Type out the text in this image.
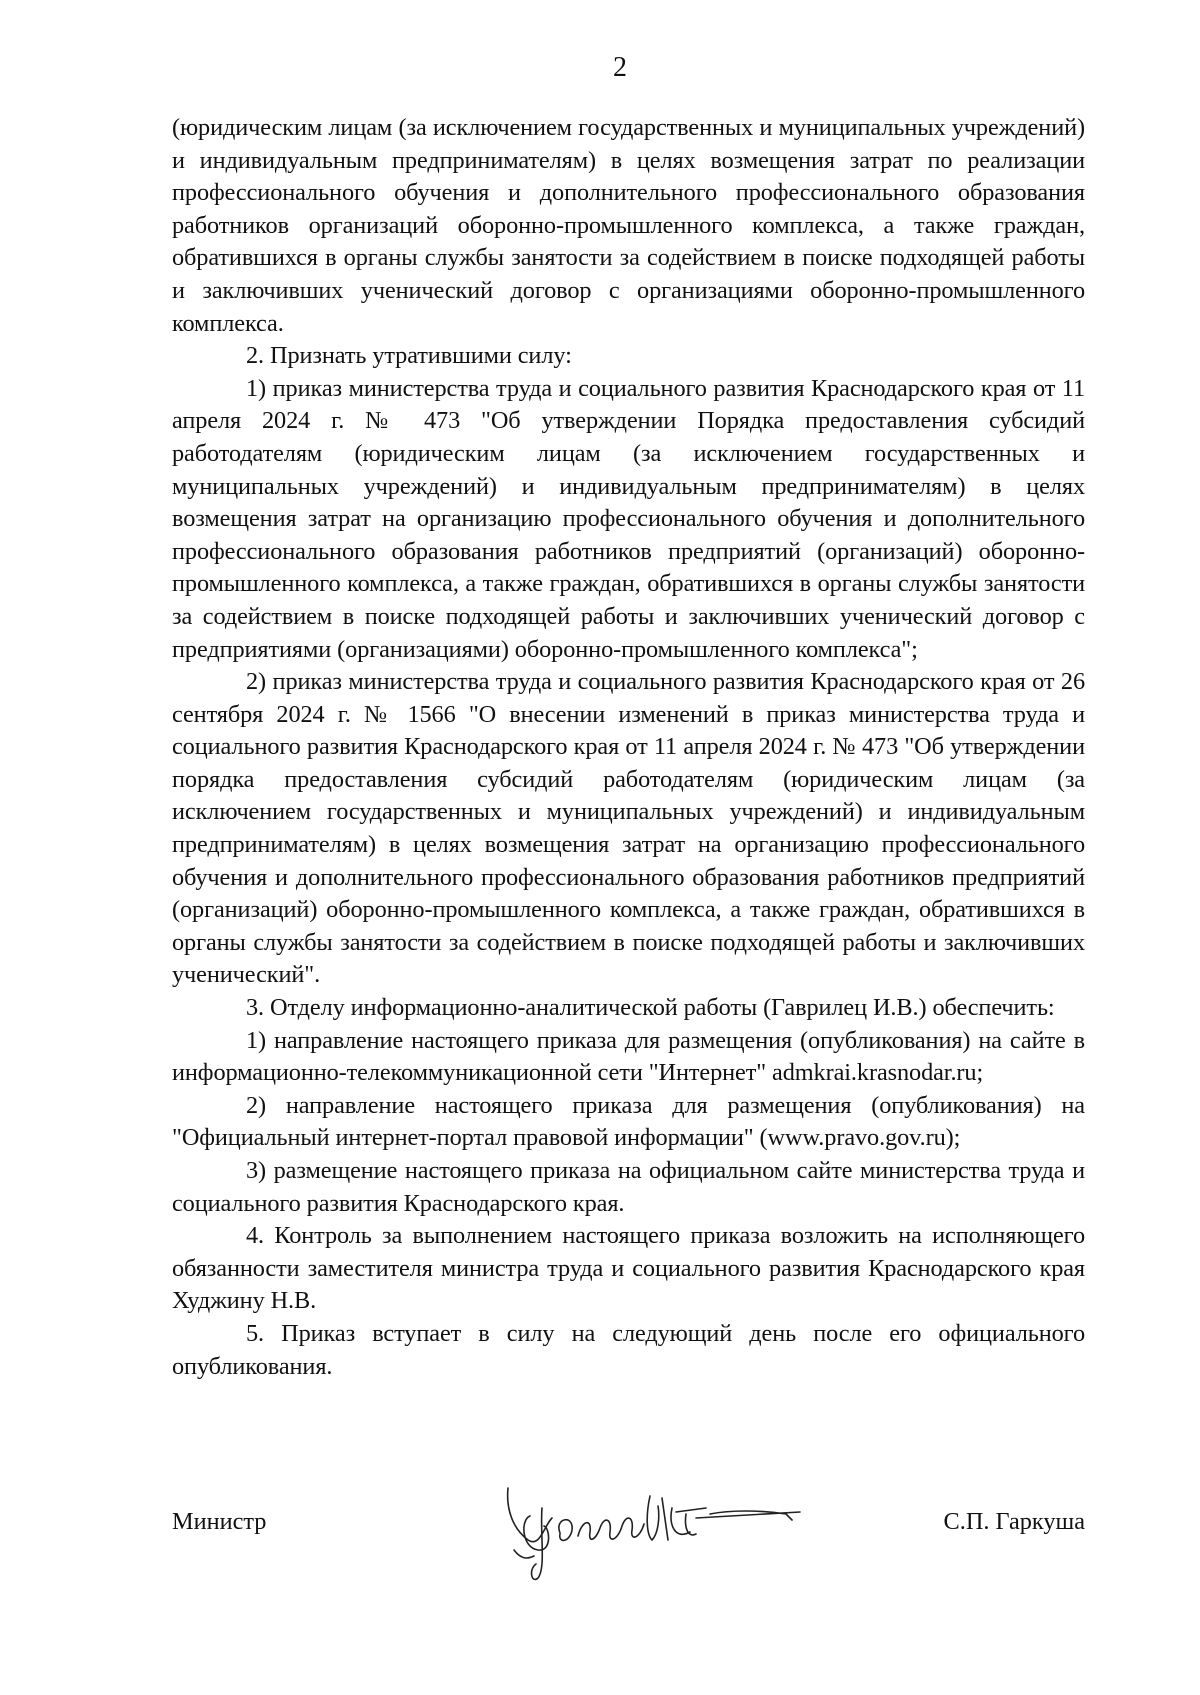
2

(юридическим лицам (за исключением государственных и муниципальных учреждений) и индивидуальным предпринимателям) в целях возмещения затрат по реализации профессионального обучения и дополнительного профессионального образования работников организаций оборонно-промышленного комплекса, а также граждан, обратившихся в органы службы занятости за содействием в поиске подходящей работы и заключивших ученический договор с организациями оборонно-промышленного комплекса.

2. Признать утратившими силу:

1) приказ министерства труда и социального развития Краснодарского края от 11 апреля 2024 г. № 473 "Об утверждении Порядка предоставления субсидий работодателям (юридическим лицам (за исключением государственных и муниципальных учреждений) и индивидуальным предпринимателям) в целях возмещения затрат на организацию профессионального обучения и дополнительного профессионального образования работников предприятий (организаций) оборонно-промышленного комплекса, а также граждан, обратившихся в органы службы занятости за содействием в поиске подходящей работы и заключивших ученический договор с предприятиями (организациями) оборонно-промышленного комплекса";

2) приказ министерства труда и социального развития Краснодарского края от 26 сентября 2024 г. № 1566 "О внесении изменений в приказ министерства труда и социального развития Краснодарского края от 11 апреля 2024 г. № 473 "Об утверждении порядка предоставления субсидий работодателям (юридическим лицам (за исключением государственных и муниципальных учреждений) и индивидуальным предпринимателям) в целях возмещения затрат на организацию профессионального обучения и дополнительного профессионального образования работников предприятий (организаций) оборонно-промышленного комплекса, а также граждан, обратившихся в органы службы занятости за содействием в поиске подходящей работы и заключивших ученический".

3. Отделу информационно-аналитической работы (Гаврилец И.В.) обеспечить:

1) направление настоящего приказа для размещения (опубликования) на сайте в информационно-телекоммуникационной сети "Интернет" admkrai.krasnodar.ru;

2) направление настоящего приказа для размещения (опубликования) на "Официальный интернет-портал правовой информации" (www.pravo.gov.ru);

3) размещение настоящего приказа на официальном сайте министерства труда и социального развития Краснодарского края.

4. Контроль за выполнением настоящего приказа возложить на исполняющего обязанности заместителя министра труда и социального развития Краснодарского края Худжину Н.В.

5. Приказ вступает в силу на следующий день после его официального опубликования.

Министр	С.П. Гаркуша
